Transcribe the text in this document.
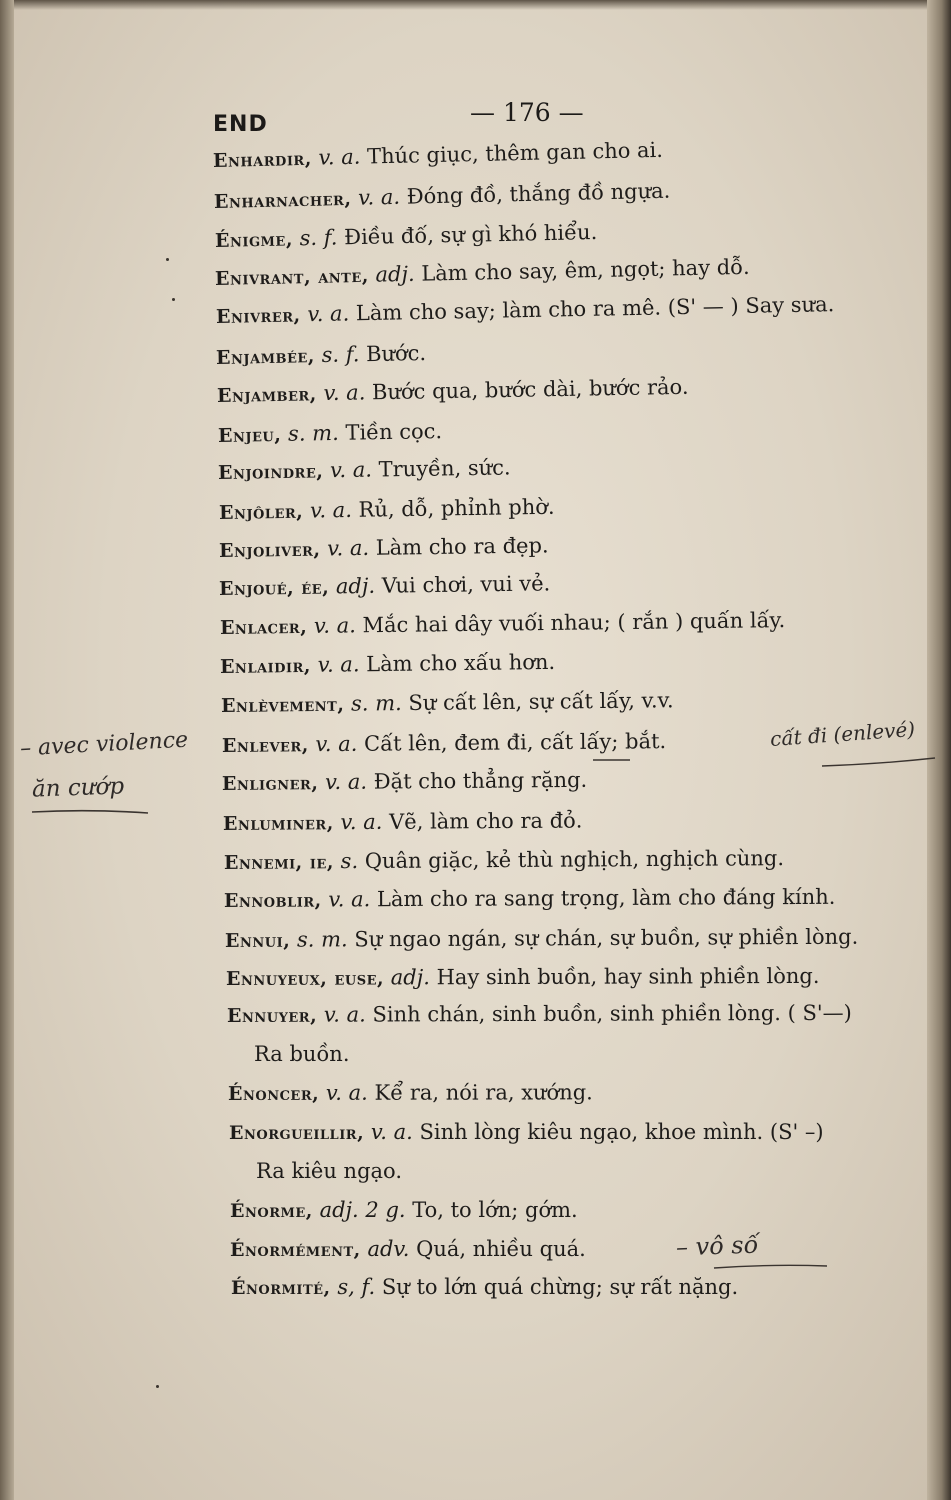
END	— 176 —
Enhardir, v. a. Thúc giục, thêm gan cho ai.
Enharnacher, v. a. Đóng đồ, thắng đồ ngựa.
Énigme, s. f. Điều đố, sự gì khó hiểu.
Enivrant, ante, adj. Làm cho say, êm, ngọt; hay dỗ.
Enivrer, v. a. Làm cho say; làm cho ra mê. (S' — ) Say sưa.
Enjambée, s. f. Bước.
Enjamber, v. a. Bước qua, bước dài, bước rảo.
Enjeu, s. m. Tiền cọc.
Enjoindre, v. a. Truyền, sức.
Enjôler, v. a. Rủ, dỗ, phỉnh phờ.
Enjoliver, v. a. Làm cho ra đẹp.
Enjoué, ée, adj. Vui chơi, vui vẻ.
Enlacer, v. a. Mắc hai dây vuối nhau; ( rắn ) quấn lấy.
Enlaidir, v. a. Làm cho xấu hơn.
Enlèvement, s. m. Sự cất lên, sự cất lấy, v.v.
Enlever, v. a. Cất lên, đem đi, cất lấy; bắt.
Enligner, v. a. Đặt cho thẳng rặng.
Enluminer, v. a. Vẽ, làm cho ra đỏ.
Ennemi, ie, s. Quân giặc, kẻ thù nghịch, nghịch cùng.
Ennoblir, v. a. Làm cho ra sang trọng, làm cho đáng kính.
Ennui, s. m. Sự ngao ngán, sự chán, sự buồn, sự phiền lòng.
Ennuyeux, euse, adj. Hay sinh buồn, hay sinh phiền lòng.
Ennuyer, v. a. Sinh chán, sinh buồn, sinh phiền lòng. ( S'—)
Ra buồn.
Énoncer, v. a. Kể ra, nói ra, xướng.
Enorgueillir, v. a. Sinh lòng kiêu ngạo, khoe mình. (S' –)
Ra kiêu ngạo.
Énorme, adj. 2 g. To, to lớn; gớm.
Énormément, adv. Quá, nhiều quá.
Énormité, s, f. Sự to lớn quá chừng; sự rất nặng.
– avec violence
ăn cướp
cất đi (enlevé)
– vô số
